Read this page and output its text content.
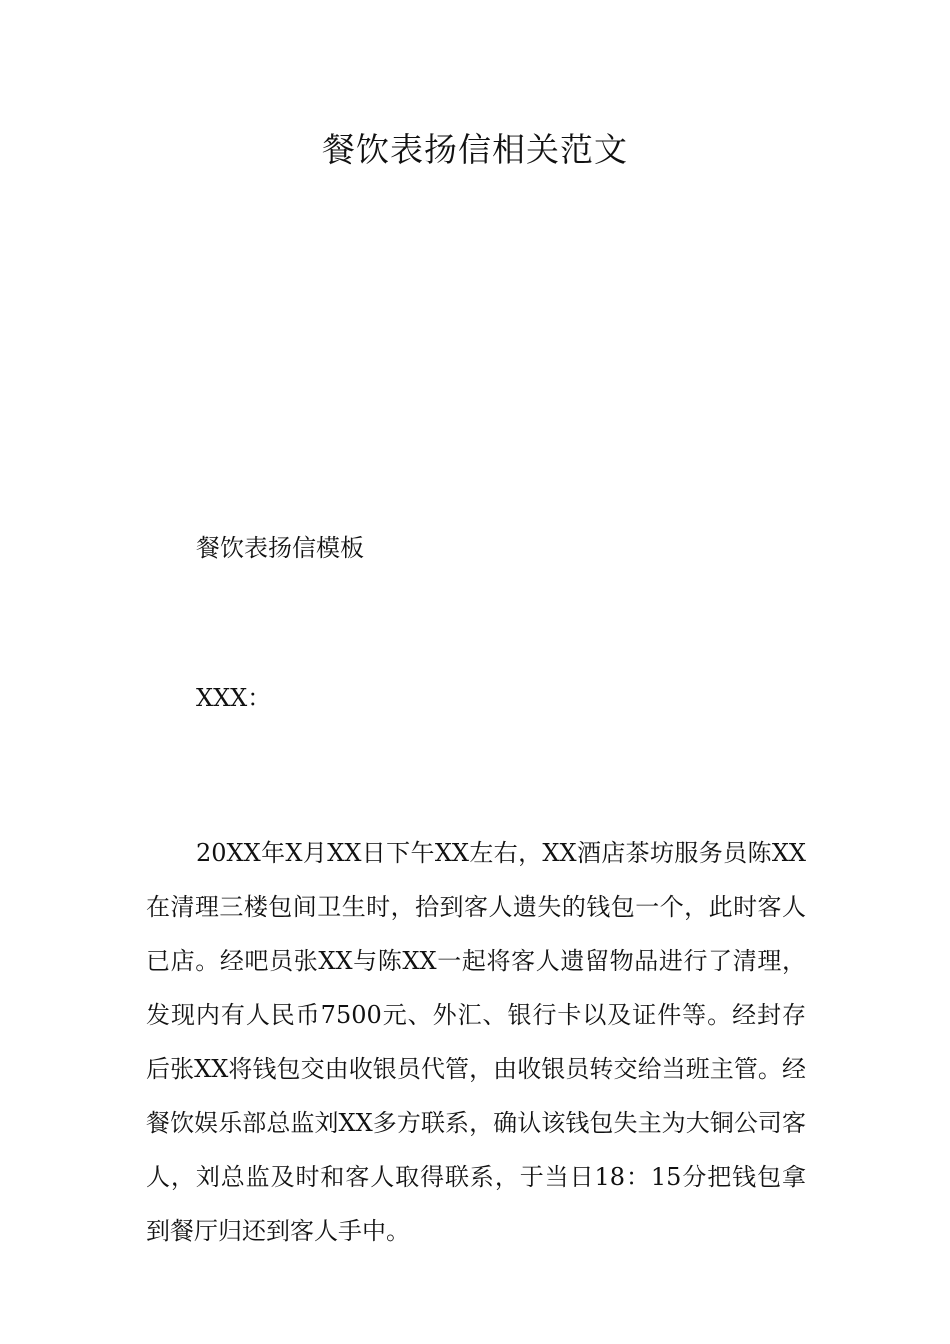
餐饮表扬信相关范文

餐饮表扬信模板

XXX：

20XX年X月XX日下午XX左右，XX酒店茶坊服务员陈XX在清理三楼包间卫生时，拾到客人遗失的钱包一个，此时客人已店。经吧员张XX与陈XX一起将客人遗留物品进行了清理，发现内有人民币7500元、外汇、银行卡以及证件等。经封存后张XX将钱包交由收银员代管，由收银员转交给当班主管。经餐饮娱乐部总监刘XX多方联系，确认该钱包失主为大铜公司客人，刘总监及时和客人取得联系，于当日18：15分把钱包拿到餐厅归还到客人手中。
